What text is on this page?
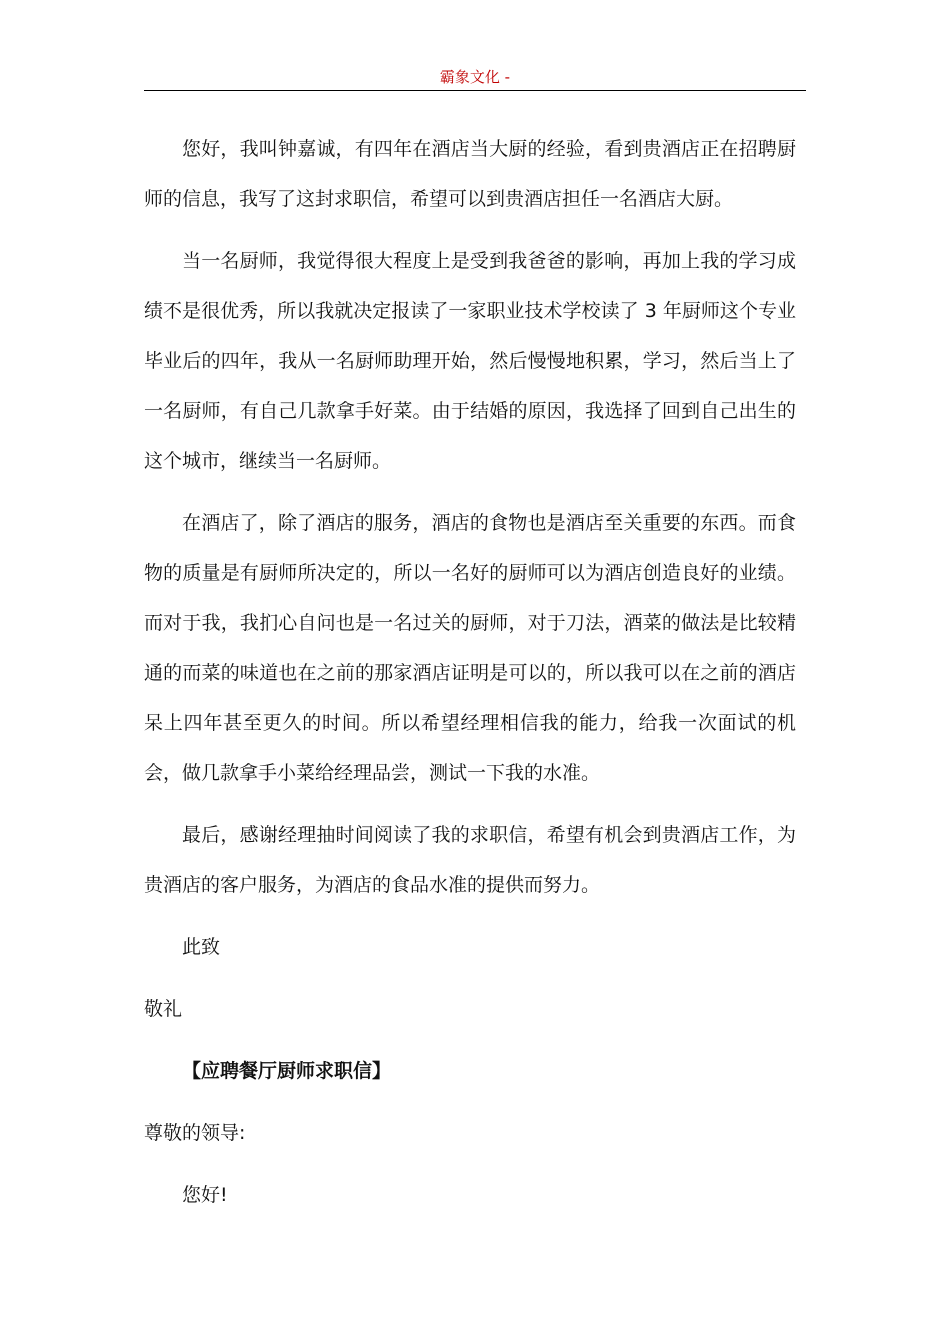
霸象文化 -

您好，我叫钟嘉诚，有四年在酒店当大厨的经验，看到贵酒店正在招聘厨师的信息，我写了这封求职信，希望可以到贵酒店担任一名酒店大厨。

当一名厨师，我觉得很大程度上是受到我爸爸的影响，再加上我的学习成绩不是很优秀，所以我就决定报读了一家职业技术学校读了 3 年厨师这个专业毕业后的四年，我从一名厨师助理开始，然后慢慢地积累，学习，然后当上了一名厨师，有自己几款拿手好菜。由于结婚的原因，我选择了回到自己出生的这个城市，继续当一名厨师。

在酒店了，除了酒店的服务，酒店的食物也是酒店至关重要的东西。而食物的质量是有厨师所决定的，所以一名好的厨师可以为酒店创造良好的业绩。而对于我，我扪心自问也是一名过关的厨师，对于刀法，酒菜的做法是比较精通的而菜的味道也在之前的那家酒店证明是可以的，所以我可以在之前的酒店呆上四年甚至更久的时间。所以希望经理相信我的能力，给我一次面试的机会，做几款拿手小菜给经理品尝，测试一下我的水准。

最后，感谢经理抽时间阅读了我的求职信，希望有机会到贵酒店工作，为贵酒店的客户服务，为酒店的食品水准的提供而努力。

此致

敬礼

【应聘餐厅厨师求职信】

尊敬的领导:

您好!
